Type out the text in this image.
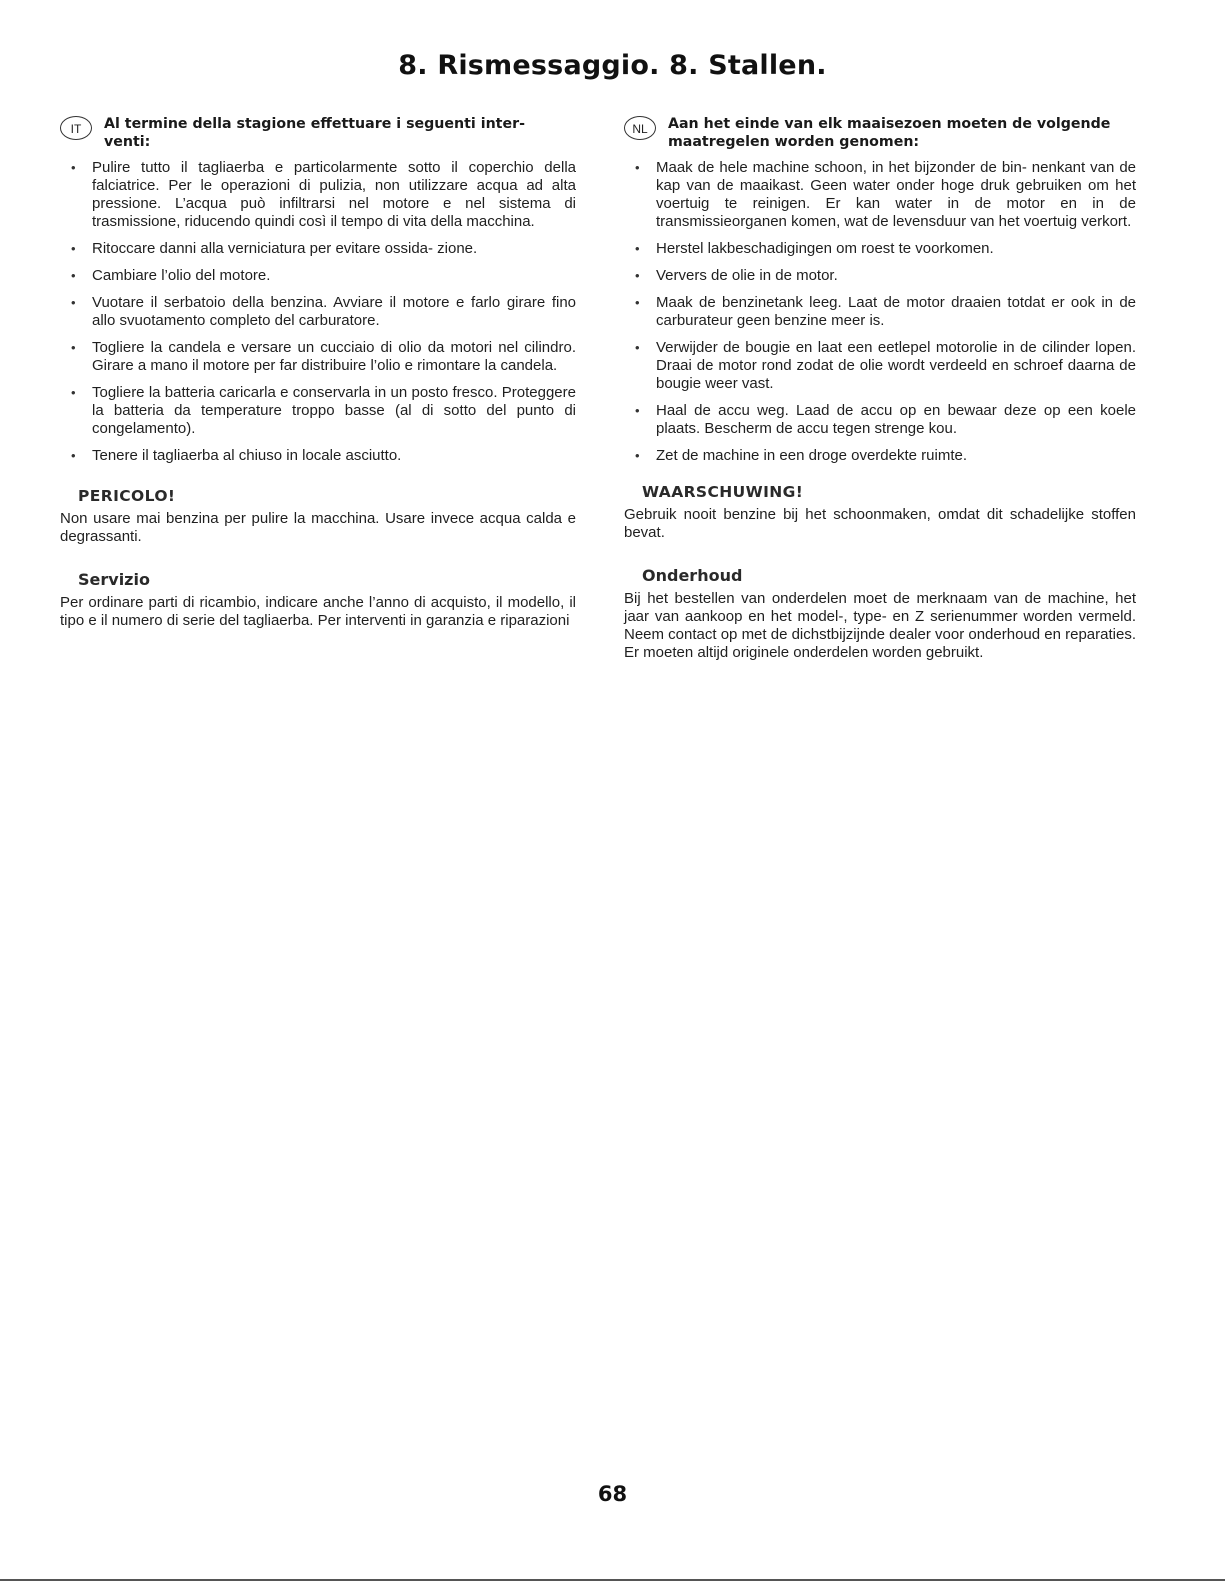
8. Rismessaggio. 8. Stallen.
IT	Al termine della stagione effettuare i seguenti inter- venti:
• Pulire tutto il tagliaerba e particolarmente sotto il coperchio della falciatrice. Per le operazioni di pulizia, non utilizzare acqua ad alta pressione. L’acqua può infiltrarsi nel motore e nel sistema di trasmissione, riducendo quindi così il tempo di vita della macchina.
• Ritoccare danni alla verniciatura per evitare ossida- zione.
• Cambiare l’olio del motore.
• Vuotare il serbatoio della benzina. Avviare il motore e farlo girare fino allo svuotamento completo del carburatore.
• Togliere la candela e versare un cucciaio di olio da motori nel cilindro. Girare a mano il motore per far distribuire l’olio e rimontare la candela.
• Togliere la batteria caricarla e conservarla in un posto fresco. Proteggere la batteria da temperature troppo basse (al di sotto del punto di congelamento).
• Tenere il tagliaerba al chiuso in locale asciutto.
PERICOLO!
Non usare mai benzina per pulire la macchina. Usare invece acqua calda e degrassanti.
Servizio
Per ordinare parti di ricambio, indicare anche l’anno di acquisto, il modello, il tipo e il numero di serie del tagliaerba. Per interventi in garanzia e riparazioni
NL	Aan het einde van elk maaisezoen moeten de volgende maatregelen worden genomen:
• Maak de hele machine schoon, in het bijzonder de bin- nenkant van de kap van de maaikast. Geen water onder hoge druk gebruiken om het voertuig te reinigen. Er kan water in de motor en in de transmissieorganen komen, wat de levensduur van het voertuig verkort.
• Herstel lakbeschadigingen om roest te voorkomen.
• Ververs de olie in de motor.
• Maak de benzinetank leeg. Laat de motor draaien totdat er ook in de carburateur geen benzine meer is.
• Verwijder de bougie en laat een eetlepel motorolie in de cilinder lopen. Draai de motor rond zodat de olie wordt verdeeld en schroef daarna de bougie weer vast.
• Haal de accu weg. Laad de accu op en bewaar deze op een koele plaats. Bescherm de accu tegen strenge kou.
• Zet de machine in een droge overdekte ruimte.
WAARSCHUWING!
Gebruik nooit benzine bij het schoonmaken, omdat dit schadelijke stoffen bevat.
Onderhoud
Bij het bestellen van onderdelen moet de merknaam van de machine, het jaar van aankoop en het model-, type- en Z serienummer worden vermeld. Neem contact op met de dichstbijzijnde dealer voor onderhoud en reparaties. Er moeten altijd originele onderdelen worden gebruikt.
68
